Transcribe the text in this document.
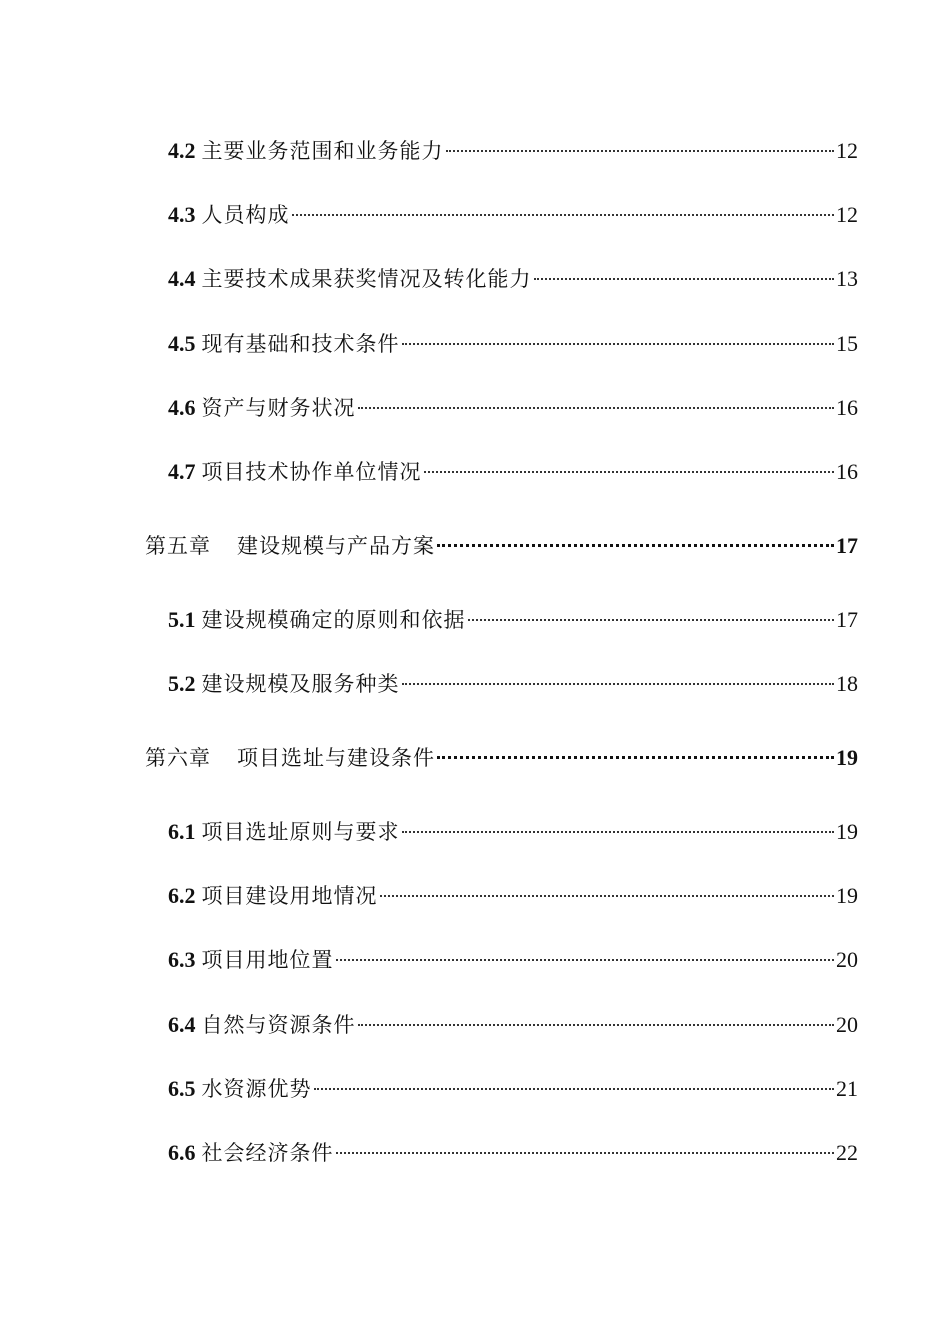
4.2 主要业务范围和业务能力	12
4.3 人员构成	12
4.4 主要技术成果获奖情况及转化能力	13
4.5 现有基础和技术条件	15
4.6 资产与财务状况	16
4.7 项目技术协作单位情况	16
第五章 建设规模与产品方案	17
5.1 建设规模确定的原则和依据	17
5.2 建设规模及服务种类	18
第六章 项目选址与建设条件	19
6.1 项目选址原则与要求	19
6.2 项目建设用地情况	19
6.3 项目用地位置	20
6.4 自然与资源条件	20
6.5 水资源优势	21
6.6 社会经济条件	22
